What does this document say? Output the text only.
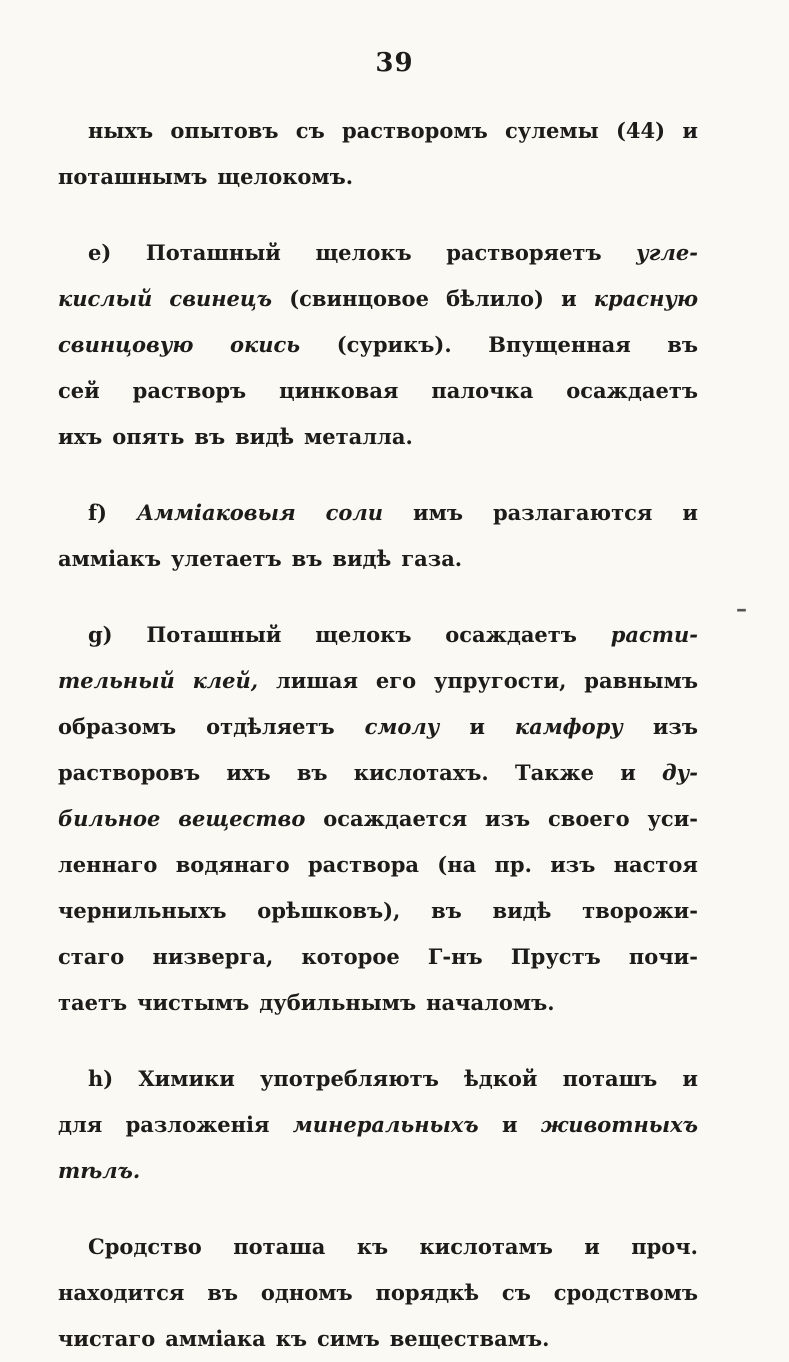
39
ныхъ опытовъ съ растворомъ сулемы (44) и
поташнымъ щелокомъ.
e) Поташный щелокъ растворяетъ угле-
кислый свинецъ (свинцовое бѣлило) и красную
свинцовую окись (сурикъ). Впущенная въ
сей растворъ цинковая палочка осаждаетъ
ихъ опять въ видѣ металла.
f) Аммiаковыя соли имъ разлагаются и
аммiакъ улетаетъ въ видѣ газа.
g) Поташный щелокъ осаждаетъ расти-
тельный клей, лишая его упругости, равнымъ
образомъ отдѣляетъ смолу и камфору изъ
растворовъ ихъ въ кислотахъ. Также и ду-
бильное вещество осаждается изъ своего уси-
леннаго водянаго раствора (на пр. изъ настоя
чернильныхъ орѣшковъ), въ видѣ творожи-
стаго низверга, которое Г-нъ Прустъ почи-
таетъ чистымъ дубильнымъ началомъ.
h) Химики употребляютъ ѣдкой поташъ и
для разложенiя минеральныхъ и животныхъ
тѣлъ.
Сродство поташа къ кислотамъ и проч.
находится въ одномъ порядкѣ съ сродствомъ
чистаго аммiака къ симъ веществамъ.
–
